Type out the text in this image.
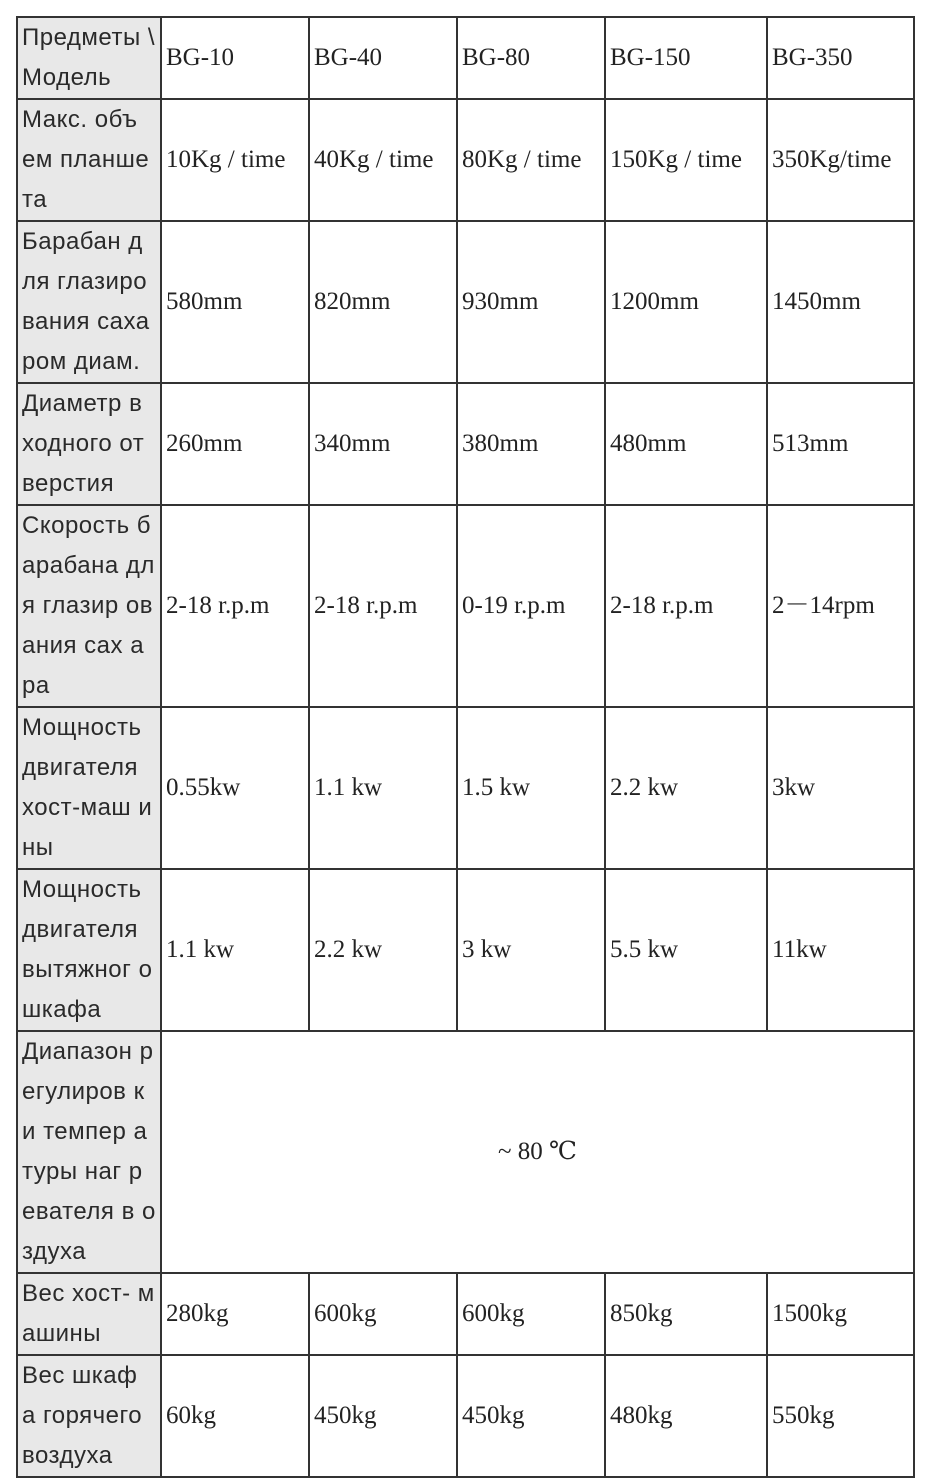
Предметы \ Модель	BG-10	BG-40	BG-80	BG-150	BG-350
Макс. объ ем планше та	10Kg / time	40Kg / time	80Kg / time	150Kg / time	350Kg/time
Барабан д ля глазиро вания саха ром диам.	580mm	820mm	930mm	1200mm	1450mm
Диаметр в ходного от верстия	260mm	340mm	380mm	480mm	513mm
Скорость барабана для глазир ования сах ара	2-18 r.p.m	2-18 r.p.m	0-19 r.p.m	2-18 r.p.m	2－14rpm
Мощность двигателя хост-маш ины	0.55kw	1.1 kw	1.5 kw	2.2 kw	3kw
Мощность двигателя вытяжног о шкафа	1.1 kw	2.2 kw	3 kw	5.5 kw	11kw
Диапазон регулиров ки темпер атуры наг ревателя в оздуха	~ 80 ℃				
Вес хост- машины	280kg	600kg	600kg	850kg	1500kg
Вес шкаф а горячего воздуха	60kg	450kg	450kg	480kg	550kg
